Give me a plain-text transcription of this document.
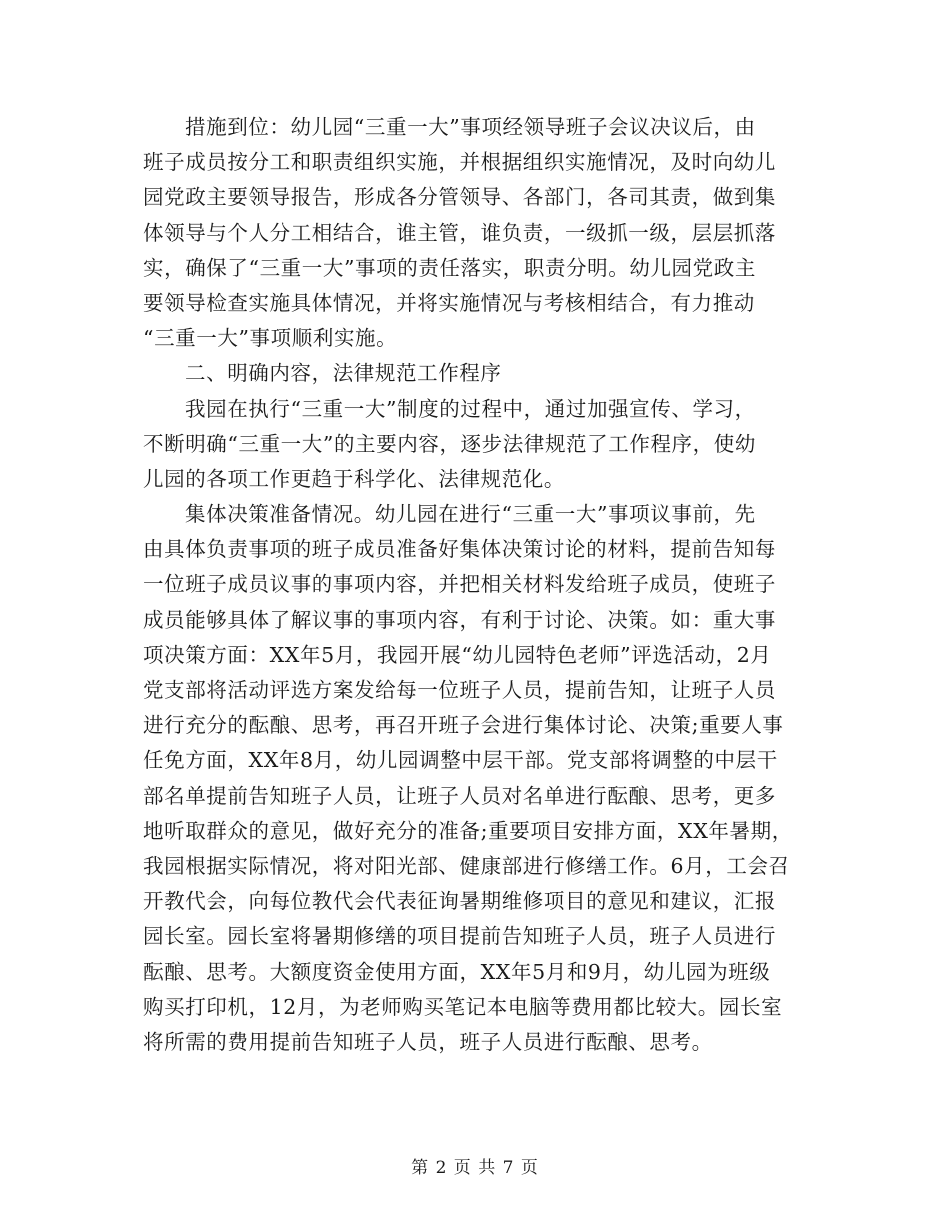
措施到位：幼儿园“三重一大”事项经领导班子会议决议后，由
班子成员按分工和职责组织实施，并根据组织实施情况，及时向幼儿
园党政主要领导报告，形成各分管领导、各部门，各司其责，做到集
体领导与个人分工相结合，谁主管，谁负责，一级抓一级，层层抓落
实，确保了“三重一大”事项的责任落实，职责分明。幼儿园党政主
要领导检查实施具体情况，并将实施情况与考核相结合，有力推动
“三重一大”事项顺利实施。
二、明确内容，法律规范工作程序
我园在执行“三重一大”制度的过程中，通过加强宣传、学习，
不断明确“三重一大”的主要内容，逐步法律规范了工作程序，使幼
儿园的各项工作更趋于科学化、法律规范化。
集体决策准备情况。幼儿园在进行“三重一大”事项议事前，先
由具体负责事项的班子成员准备好集体决策讨论的材料，提前告知每
一位班子成员议事的事项内容，并把相关材料发给班子成员，使班子
成员能够具体了解议事的事项内容，有利于讨论、决策。如：重大事
项决策方面：XX年5月，我园开展“幼儿园特色老师”评选活动，2月
党支部将活动评选方案发给每一位班子人员，提前告知，让班子人员
进行充分的酝酿、思考，再召开班子会进行集体讨论、决策;重要人事
任免方面，XX年8月，幼儿园调整中层干部。党支部将调整的中层干
部名单提前告知班子人员，让班子人员对名单进行酝酿、思考，更多
地听取群众的意见，做好充分的准备;重要项目安排方面，XX年暑期，
我园根据实际情况，将对阳光部、健康部进行修缮工作。6月，工会召
开教代会，向每位教代会代表征询暑期维修项目的意见和建议，汇报
园长室。园长室将暑期修缮的项目提前告知班子人员，班子人员进行
酝酿、思考。大额度资金使用方面，XX年5月和9月，幼儿园为班级
购买打印机，12月，为老师购买笔记本电脑等费用都比较大。园长室
将所需的费用提前告知班子人员，班子人员进行酝酿、思考。
第 2 页 共 7 页
